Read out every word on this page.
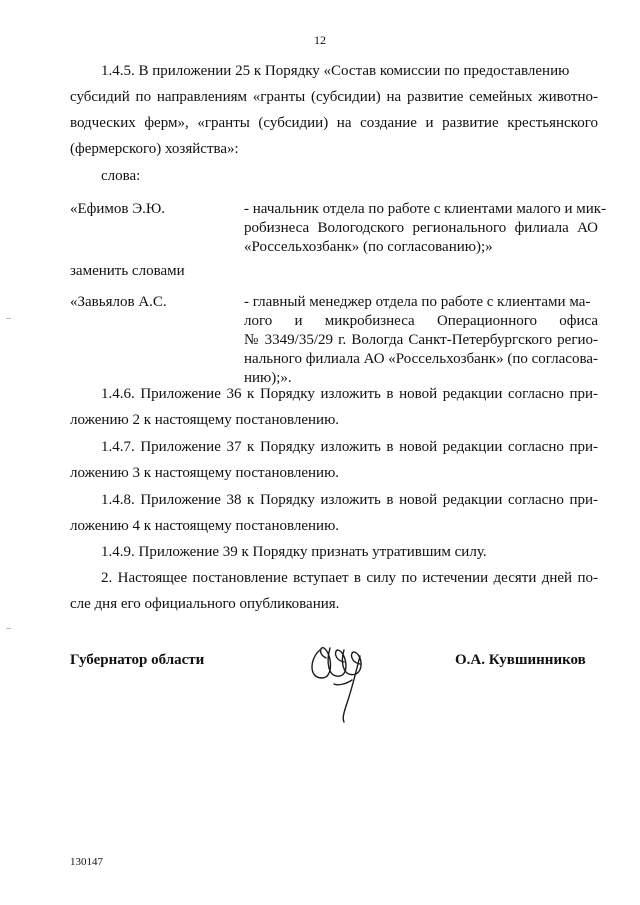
12
1.4.5. В приложении 25 к Порядку «Состав комиссии по предоставлению
субсидий по направлениям «гранты (субсидии) на развитие семейных животно-
водческих ферм», «гранты (субсидии) на создание и развитие крестьянского
(фермерского) хозяйства»:
слова:
«Ефимов Э.Ю.	- начальник отдела по работе с клиентами малого и мик-
робизнеса Вологодского регионального филиала АО
«Россельхозбанк» (по согласованию);»
заменить словами
«Завьялов А.С.	- главный менеджер отдела по работе с клиентами ма-
лого и микробизнеса Операционного офиса
№ 3349/35/29 г. Вологда Санкт-Петербургского регио-
нального филиала АО «Россельхозбанк» (по согласова-
нию);».
1.4.6. Приложение 36 к Порядку изложить в новой редакции согласно при-
ложению 2 к настоящему постановлению.
1.4.7. Приложение 37 к Порядку изложить в новой редакции согласно при-
ложению 3 к настоящему постановлению.
1.4.8. Приложение 38 к Порядку изложить в новой редакции согласно при-
ложению 4 к настоящему постановлению.
1.4.9. Приложение 39 к Порядку признать утратившим силу.
2. Настоящее постановление вступает в силу по истечении десяти дней по-
сле дня его официального опубликования.
Губернатор области	О.А. Кувшинников
130147
